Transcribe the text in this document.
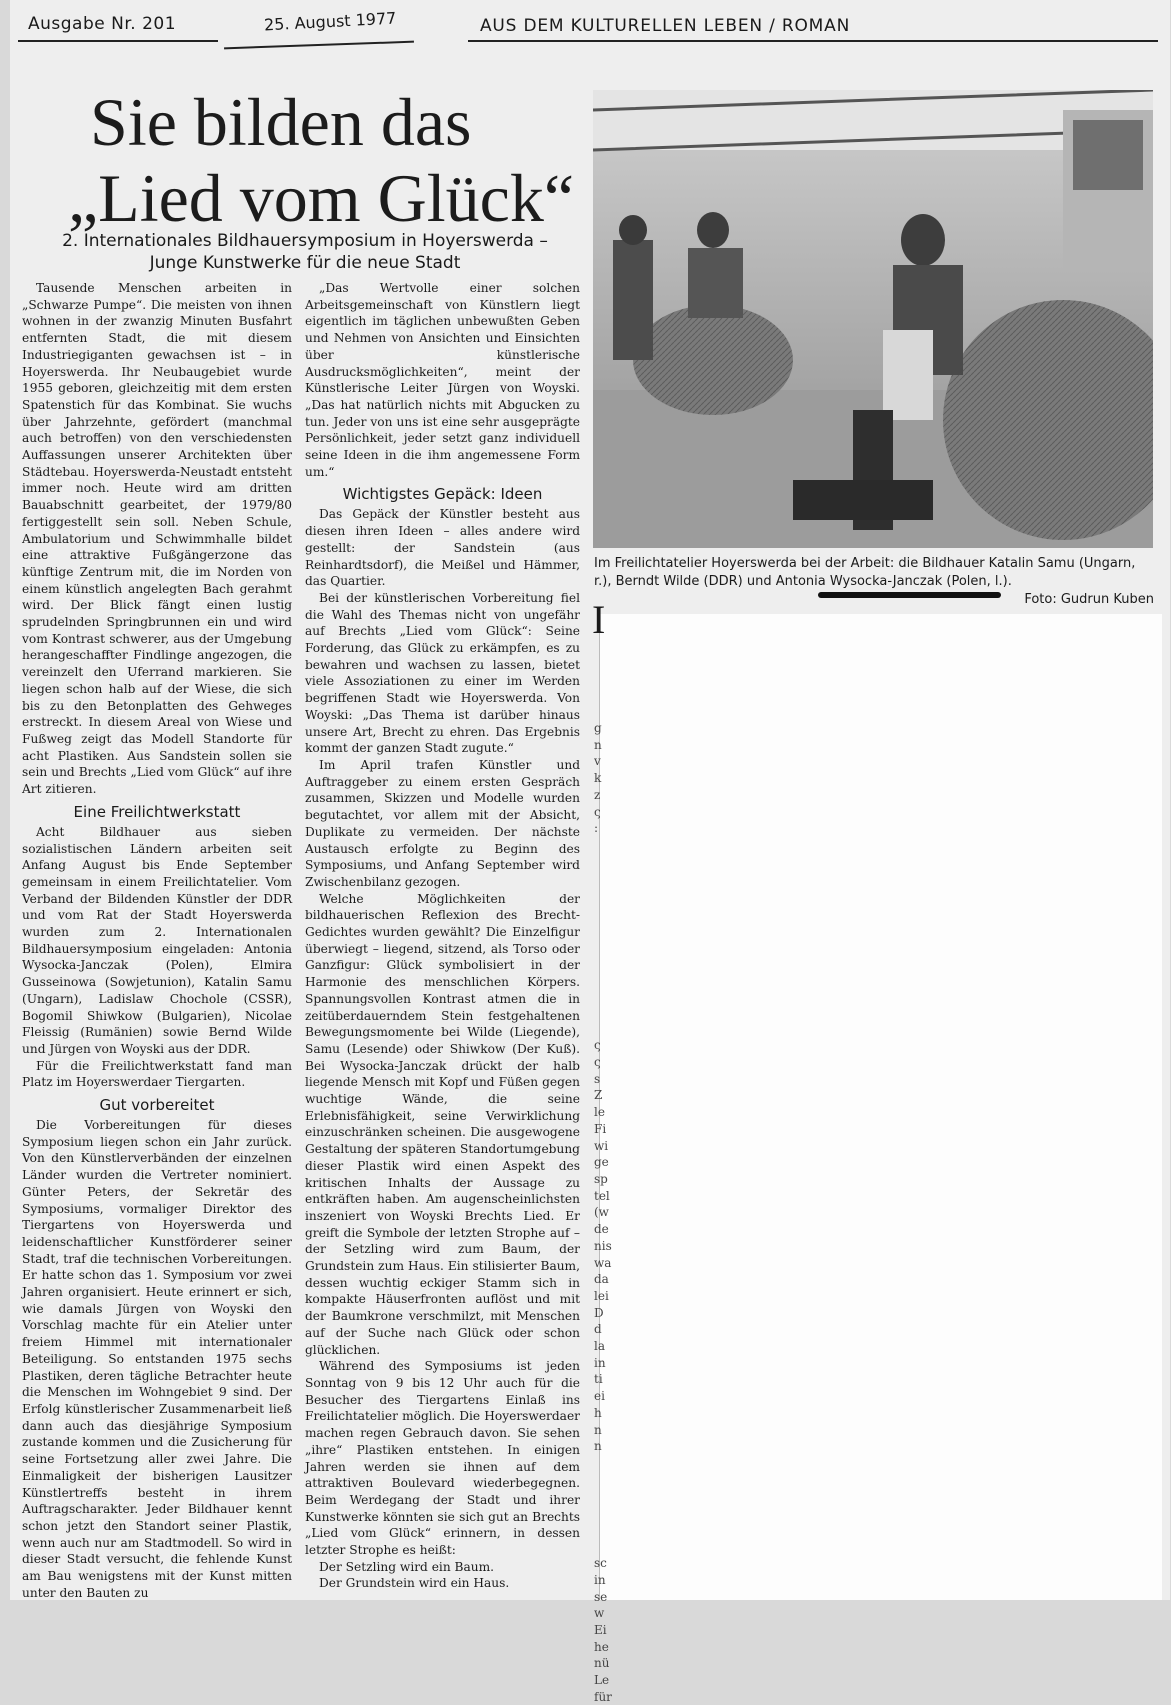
Ausgabe Nr. 201	25. August 1977	AUS DEM KULTURELLEN LEBEN / ROMAN
Sie bilden das
„Lied vom Glück“
2. Internationales Bildhauersymposium in Hoyerswerda –
Junge Kunstwerke für die neue Stadt
Im Freilichtatelier Hoyerswerda bei der Arbeit: die Bildhauer Katalin Samu (Ungarn, r.), Berndt Wilde (DDR) und Antonia Wysocka-Janczak (Polen, l.).
Foto: Gudrun Kuben
I
g
n
v
k
z
ς
:

ς
ς
s
Z
le
Fi
wi
ge
sp
tel
(w
de
nis
wa
da
lei
D
d
la
in
ti
ei
h
n
n

sc
in
se
w
Ei
he
nü
Le
für

Tausende Menschen arbeiten in „Schwarze Pumpe“. Die meisten von ihnen wohnen in der zwanzig Minuten Busfahrt entfernten Stadt, die mit diesem Industriegiganten gewachsen ist – in Hoyerswerda. Ihr Neubaugebiet wurde 1955 geboren, gleichzeitig mit dem ersten Spatenstich für das Kombinat. Sie wuchs über Jahrzehnte, gefördert (manchmal auch betroffen) von den verschiedensten Auffassungen unserer Architekten über Städtebau. Hoyerswerda-Neustadt entsteht immer noch. Heute wird am dritten Bauabschnitt gearbeitet, der 1979/80 fertiggestellt sein soll. Neben Schule, Ambulatorium und Schwimmhalle bildet eine attraktive Fußgängerzone das künftige Zentrum mit, die im Norden von einem künstlich angelegten Bach gerahmt wird. Der Blick fängt einen lustig sprudelnden Springbrunnen ein und wird vom Kontrast schwerer, aus der Umgebung herangeschaffter Findlinge angezogen, die vereinzelt den Uferrand markieren. Sie liegen schon halb auf der Wiese, die sich bis zu den Betonplatten des Gehweges erstreckt. In diesem Areal von Wiese und Fußweg zeigt das Modell Standorte für acht Plastiken. Aus Sandstein sollen sie sein und Brechts „Lied vom Glück“ auf ihre Art zitieren.

Eine Freilichtwerkstatt

Acht Bildhauer aus sieben sozialistischen Ländern arbeiten seit Anfang August bis Ende September gemeinsam in einem Freilichtatelier. Vom Verband der Bildenden Künstler der DDR und vom Rat der Stadt Hoyerswerda wurden zum 2. Internationalen Bildhauersymposium eingeladen: Antonia Wysocka-Janczak (Polen), Elmira Gusseinowa (Sowjetunion), Katalin Samu (Ungarn), Ladislaw Chochole (CSSR), Bogomil Shiwkow (Bulgarien), Nicolae Fleissig (Rumänien) sowie Bernd Wilde und Jürgen von Woyski aus der DDR.

Für die Freilichtwerkstatt fand man Platz im Hoyerswerdaer Tiergarten.

Gut vorbereitet

Die Vorbereitungen für dieses Symposium liegen schon ein Jahr zurück. Von den Künstlerverbänden der einzelnen Länder wurden die Vertreter nominiert. Günter Peters, der Sekretär des Symposiums, vormaliger Direktor des Tiergartens von Hoyerswerda und leidenschaftlicher Kunstförderer seiner Stadt, traf die technischen Vorbereitungen. Er hatte schon das 1. Symposium vor zwei Jahren organisiert. Heute erinnert er sich, wie damals Jürgen von Woyski den Vorschlag machte für ein Atelier unter freiem Himmel mit internationaler Beteiligung. So entstanden 1975 sechs Plastiken, deren tägliche Betrachter heute die Menschen im Wohngebiet 9 sind. Der Erfolg künstlerischer Zusammenarbeit ließ dann auch das diesjährige Symposium zustande kommen und die Zusicherung für seine Fortsetzung aller zwei Jahre. Die Einmaligkeit der bisherigen Lausitzer Künstlertreffs besteht in ihrem Auftragscharakter. Jeder Bildhauer kennt schon jetzt den Standort seiner Plastik, wenn auch nur am Stadtmodell. So wird in dieser Stadt versucht, die fehlende Kunst am Bau wenigstens mit der Kunst mitten unter den Bauten zu

„Das Wertvolle einer solchen Arbeitsgemeinschaft von Künstlern liegt eigentlich im täglichen unbewußten Geben und Nehmen von Ansichten und Einsichten über künstlerische Ausdrucksmöglichkeiten“, meint der Künstlerische Leiter Jürgen von Woyski. „Das hat natürlich nichts mit Abgucken zu tun. Jeder von uns ist eine sehr ausgeprägte Persönlichkeit, jeder setzt ganz individuell seine Ideen in die ihm angemessene Form um.“

Wichtigstes Gepäck: Ideen

Das Gepäck der Künstler besteht aus diesen ihren Ideen – alles andere wird gestellt: der Sandstein (aus Reinhardtsdorf), die Meißel und Hämmer, das Quartier.

Bei der künstlerischen Vorbereitung fiel die Wahl des Themas nicht von ungefähr auf Brechts „Lied vom Glück“: Seine Forderung, das Glück zu erkämpfen, es zu bewahren und wachsen zu lassen, bietet viele Assoziationen zu einer im Werden begriffenen Stadt wie Hoyerswerda. Von Woyski: „Das Thema ist darüber hinaus unsere Art, Brecht zu ehren. Das Ergebnis kommt der ganzen Stadt zugute.“

Im April trafen Künstler und Auftraggeber zu einem ersten Gespräch zusammen, Skizzen und Modelle wurden begutachtet, vor allem mit der Absicht, Duplikate zu vermeiden. Der nächste Austausch erfolgte zu Beginn des Symposiums, und Anfang September wird Zwischenbilanz gezogen.

Welche Möglichkeiten der bildhauerischen Reflexion des Brecht-Gedichtes wurden gewählt? Die Einzelfigur überwiegt – liegend, sitzend, als Torso oder Ganzfigur: Glück symbolisiert in der Harmonie des menschlichen Körpers. Spannungsvollen Kontrast atmen die in zeitüberdauerndem Stein festgehaltenen Bewegungsmomente bei Wilde (Liegende), Samu (Lesende) oder Shiwkow (Der Kuß). Bei Wysocka-Janczak drückt der halb liegende Mensch mit Kopf und Füßen gegen wuchtige Wände, die seine Erlebnisfähigkeit, seine Verwirklichung einzuschränken scheinen. Die ausgewogene Gestaltung der späteren Standortumgebung dieser Plastik wird einen Aspekt des kritischen Inhalts der Aussage zu entkräften haben. Am augenscheinlichsten inszeniert von Woyski Brechts Lied. Er greift die Symbole der letzten Strophe auf – der Setzling wird zum Baum, der Grundstein zum Haus. Ein stilisierter Baum, dessen wuchtig eckiger Stamm sich in kompakte Häuserfronten auflöst und mit der Baumkrone verschmilzt, mit Menschen auf der Suche nach Glück oder schon glücklichen.

Während des Symposiums ist jeden Sonntag von 9 bis 12 Uhr auch für die Besucher des Tiergartens Einlaß ins Freilichtatelier möglich. Die Hoyerswerdaer machen regen Gebrauch davon. Sie sehen „ihre“ Plastiken entstehen. In einigen Jahren werden sie ihnen auf dem attraktiven Boulevard wiederbegegnen. Beim Werdegang der Stadt und ihrer Kunstwerke könnten sie sich gut an Brechts „Lied vom Glück“ erinnern, in dessen letzter Strophe es heißt:

Der Setzling wird ein Baum.

Der Grundstein wird ein Haus.
